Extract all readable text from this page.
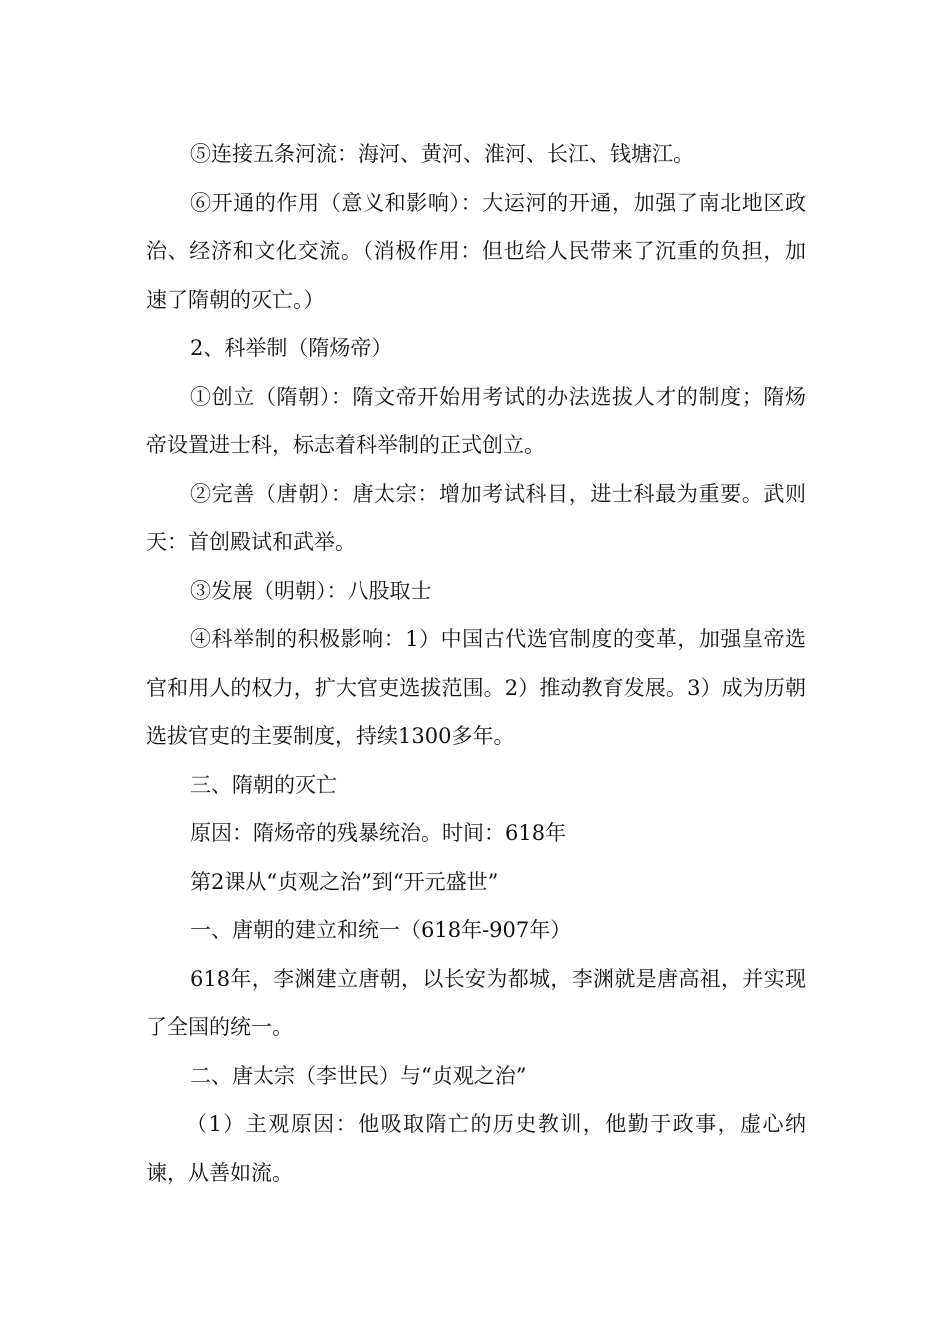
⑤连接五条河流：海河、黄河、淮河、长江、钱塘江。

⑥开通的作用（意义和影响）：大运河的开通，加强了南北地区政治、经济和文化交流。（消极作用：但也给人民带来了沉重的负担，加速了隋朝的灭亡。）

2、科举制（隋炀帝）

①创立（隋朝）：隋文帝开始用考试的办法选拔人才的制度；隋炀帝设置进士科，标志着科举制的正式创立。

②完善（唐朝）：唐太宗：增加考试科目，进士科最为重要。武则天：首创殿试和武举。

③发展（明朝）：八股取士

④科举制的积极影响：1）中国古代选官制度的变革，加强皇帝选官和用人的权力，扩大官吏选拔范围。2）推动教育发展。3）成为历朝选拔官吏的主要制度，持续1300多年。

三、隋朝的灭亡

原因：隋炀帝的残暴统治。时间：618年

第2课从“贞观之治”到“开元盛世”

一、唐朝的建立和统一（618年-907年）

618年，李渊建立唐朝，以长安为都城，李渊就是唐高祖，并实现了全国的统一。

二、唐太宗（李世民）与“贞观之治”

（1）主观原因：他吸取隋亡的历史教训，他勤于政事，虚心纳谏，从善如流。
